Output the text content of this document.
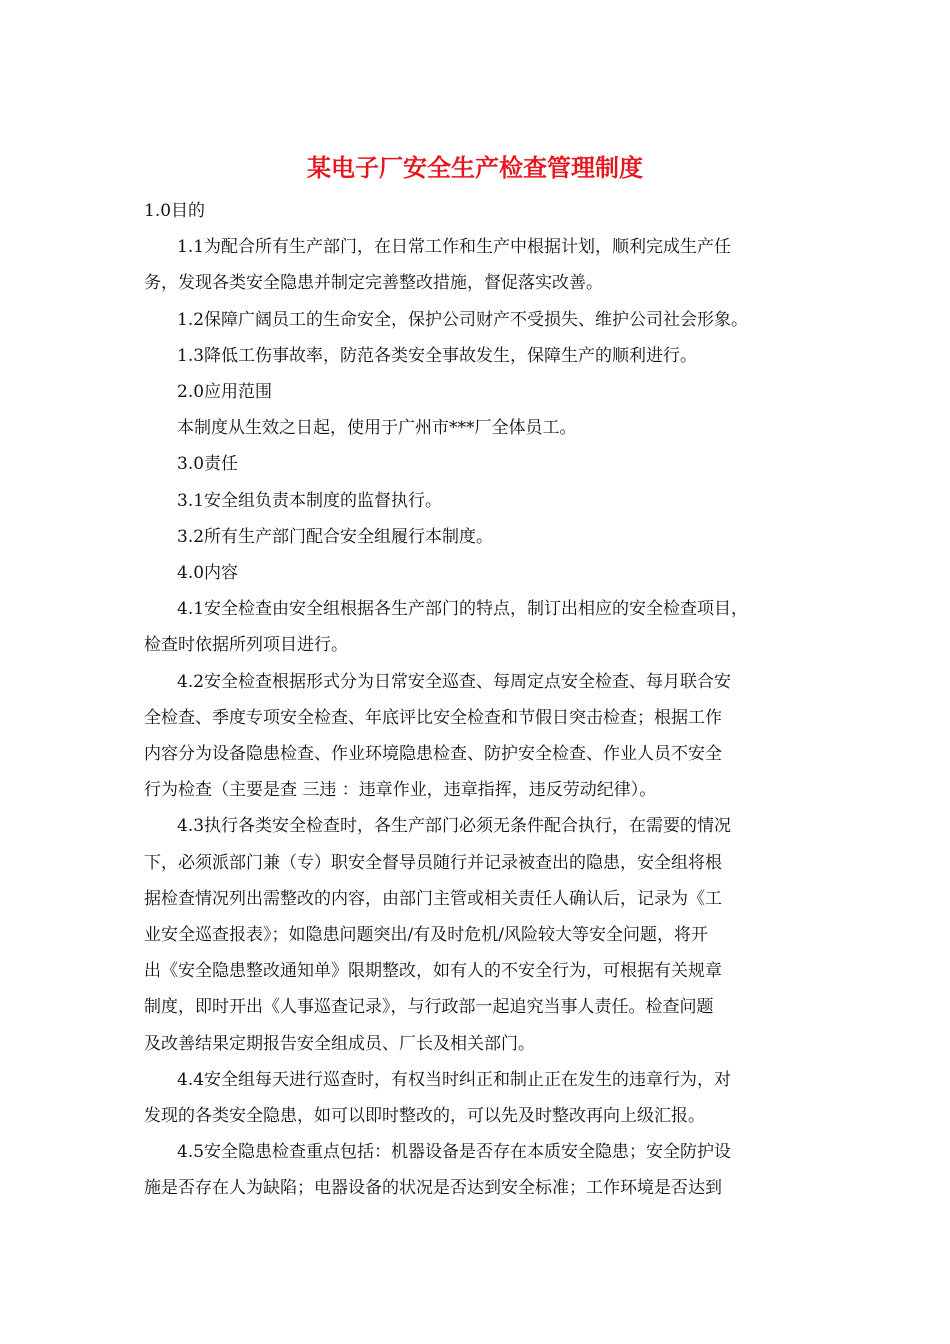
某电子厂安全生产检查管理制度

1.0目的

1.1为配合所有生产部门，在日常工作和生产中根据计划，顺利完成生产任

务，发现各类安全隐患并制定完善整改措施，督促落实改善。

1.2保障广阔员工的生命安全，保护公司财产不受损失、维护公司社会形象。

1.3降低工伤事故率，防范各类安全事故发生，保障生产的顺利进行。

2.0应用范围

本制度从生效之日起，使用于广州市***厂全体员工。

3.0责任

3.1安全组负责本制度的监督执行。

3.2所有生产部门配合安全组履行本制度。

4.0内容

4.1安全检查由安全组根据各生产部门的特点，制订出相应的安全检查项目，

检查时依据所列项目进行。

4.2安全检查根据形式分为日常安全巡查、每周定点安全检查、每月联合安

全检查、季度专项安全检查、年底评比安全检查和节假日突击检查；根据工作

内容分为设备隐患检查、作业环境隐患检查、防护安全检查、作业人员不安全

行为检查（主要是查 三违 ：违章作业，违章指挥，违反劳动纪律）。

4.3执行各类安全检查时，各生产部门必须无条件配合执行，在需要的情况

下，必须派部门兼（专）职安全督导员随行并记录被查出的隐患，安全组将根

据检查情况列出需整改的内容，由部门主管或相关责任人确认后，记录为《工

业安全巡查报表》；如隐患问题突出/有及时危机/风险较大等安全问题，将开

出《安全隐患整改通知单》限期整改，如有人的不安全行为，可根据有关规章

制度，即时开出《人事巡查记录》，与行政部一起追究当事人责任。检查问题

及改善结果定期报告安全组成员、厂长及相关部门。

4.4安全组每天进行巡查时，有权当时纠正和制止正在发生的违章行为，对

发现的各类安全隐患，如可以即时整改的，可以先及时整改再向上级汇报。

4.5安全隐患检查重点包括：机器设备是否存在本质安全隐患；安全防护设

施是否存在人为缺陷；电器设备的状况是否达到安全标准；工作环境是否达到
